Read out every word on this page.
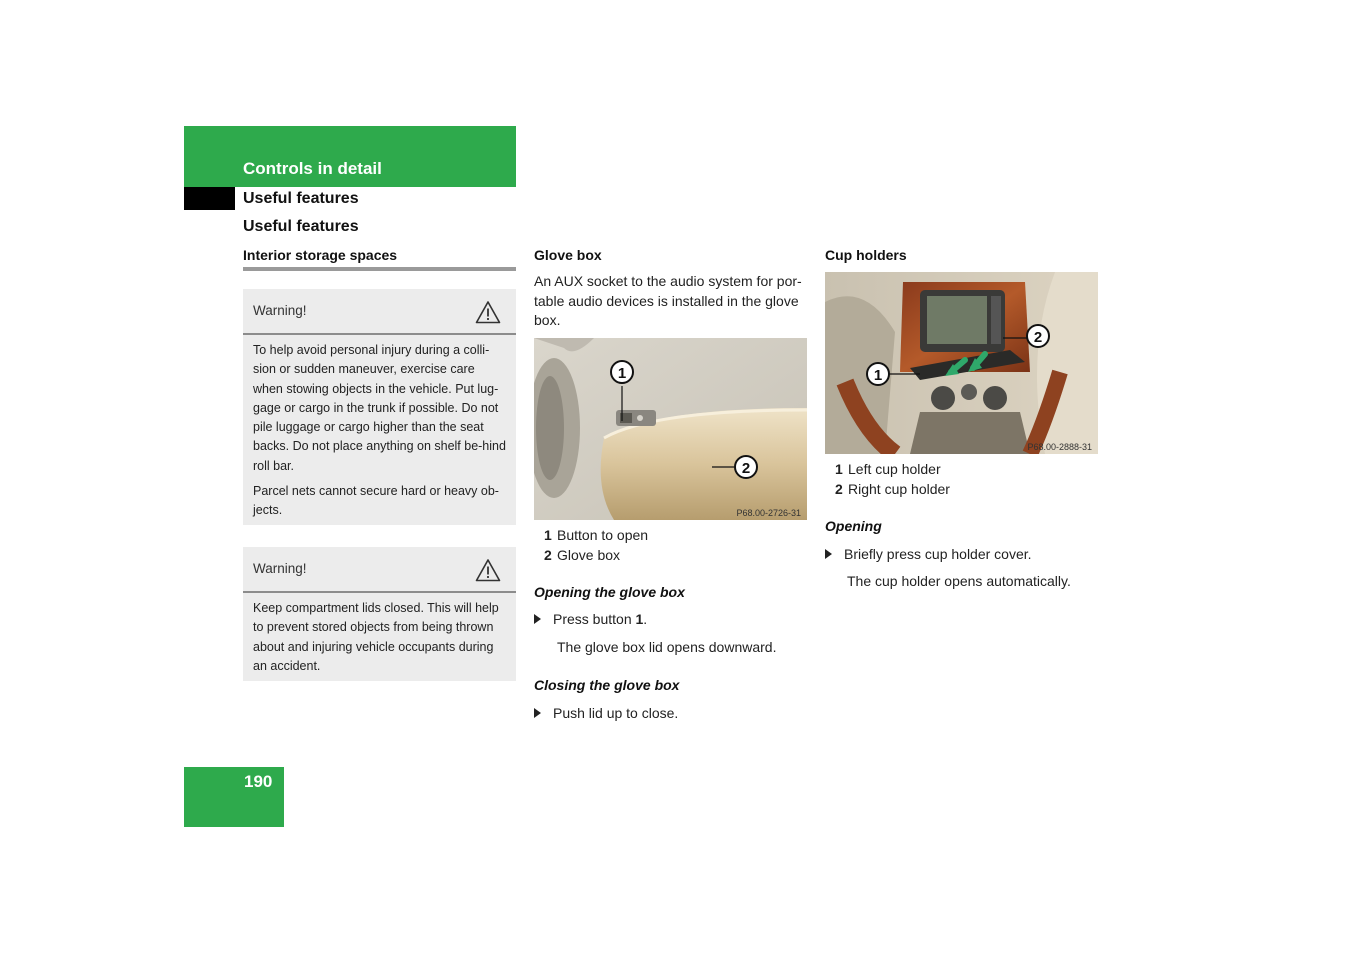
Controls in detail
Useful features
Useful features
Interior storage spaces
Warning!

To help avoid personal injury during a colli-sion or sudden maneuver, exercise care when stowing objects in the vehicle. Put lug-gage or cargo in the trunk if possible. Do not pile luggage or cargo higher than the seat backs. Do not place anything on shelf be-hind roll bar.

Parcel nets cannot secure hard or heavy ob-jects.

Warning!

Keep compartment lids closed. This will help to prevent stored objects from being thrown about and injuring vehicle occupants during an accident.

Glove box
An AUX socket to the audio system for por-table audio devices is installed in the glove box.
1
2
P68.00-2726-31
1 Button to open
2 Glove box
Opening the glove box
Press button 1.
The glove box lid opens downward.
Closing the glove box
Push lid up to close.
Cup holders
1
2
P68.00-2888-31
1 Left cup holder
2 Right cup holder
Opening
Briefly press cup holder cover.
The cup holder opens automatically.
190
